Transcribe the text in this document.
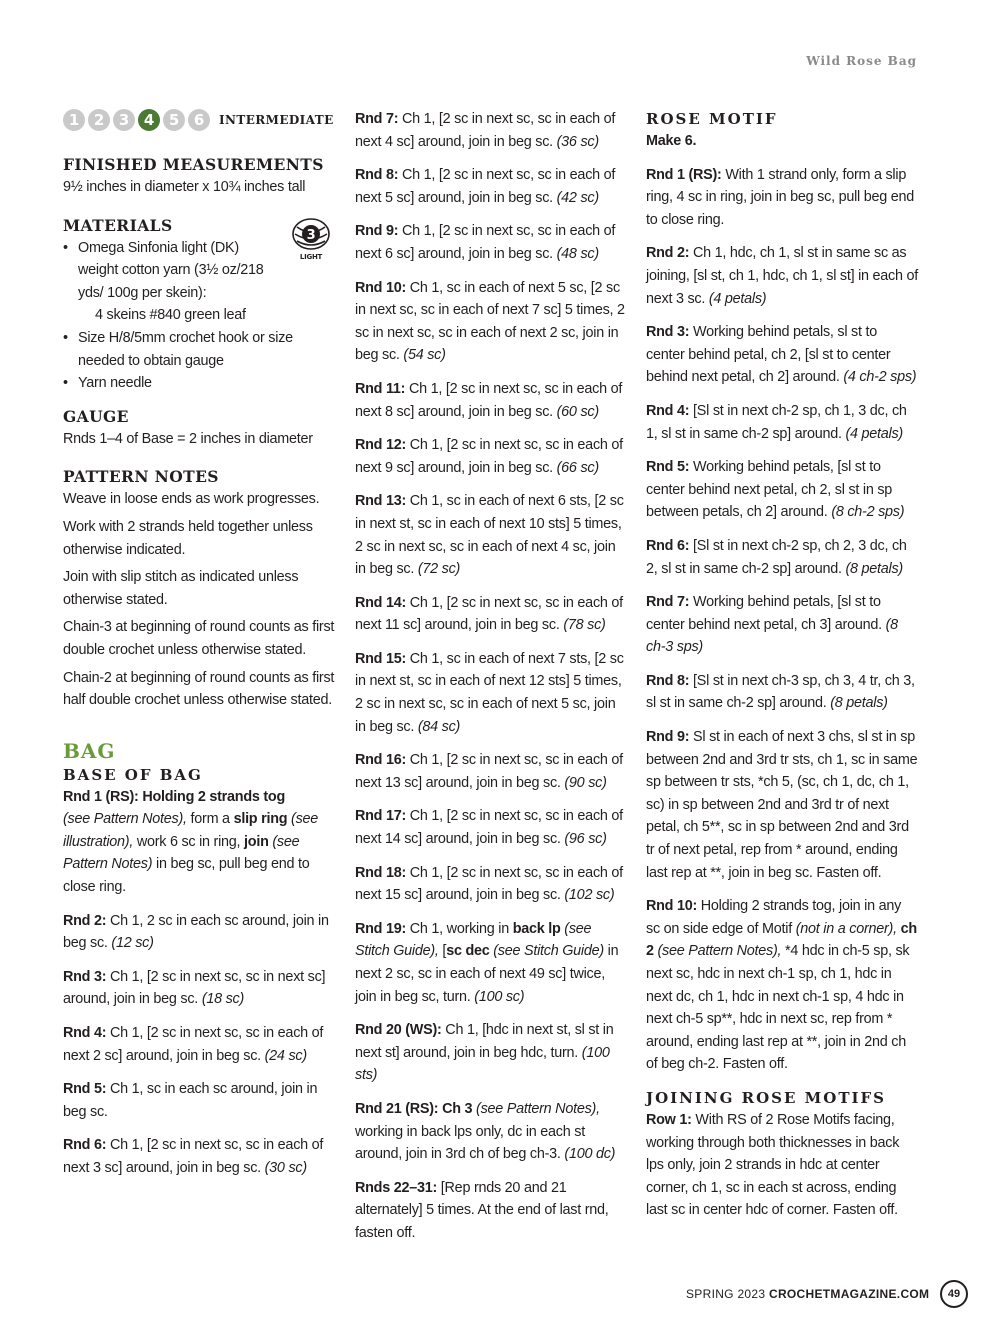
Wild Rose Bag
1 2 3 4 5 6	INTERMEDIATE
FINISHED MEASUREMENTS

9½ inches in diameter x 10¾ inches tall

MATERIALS
3
LIGHT
• Omega Sinfonia light (DK) weight cotton yarn (3½ oz/218 yds/ 100g per skein):
4 skeins #840 green leaf
• Size H/8/5mm crochet hook or size needed to obtain gauge
• Yarn needle
GAUGE

Rnds 1–4 of Base = 2 inches in diameter

PATTERN NOTES

Weave in loose ends as work progresses.

Work with 2 strands held together unless otherwise indicated.

Join with slip stitch as indicated unless otherwise stated.

Chain-3 at beginning of round counts as first double crochet unless otherwise stated.

Chain-2 at beginning of round counts as first half double crochet unless otherwise stated.

BAG
BASE OF BAG

Rnd 1 (RS): Holding 2 strands tog
(see Pattern Notes), form a slip ring (see illustration), work 6 sc in ring, join (see Pattern Notes) in beg sc, pull beg end to close ring.

Rnd 2: Ch 1, 2 sc in each sc around, join in beg sc. (12 sc)

Rnd 3: Ch 1, [2 sc in next sc, sc in next sc] around, join in beg sc. (18 sc)

Rnd 4: Ch 1, [2 sc in next sc, sc in each of next 2 sc] around, join in beg sc. (24 sc)

Rnd 5: Ch 1, sc in each sc around, join in beg sc.

Rnd 6: Ch 1, [2 sc in next sc, sc in each of next 3 sc] around, join in beg sc. (30 sc)

Rnd 7: Ch 1, [2 sc in next sc, sc in each of next 4 sc] around, join in beg sc. (36 sc)

Rnd 8: Ch 1, [2 sc in next sc, sc in each of next 5 sc] around, join in beg sc. (42 sc)

Rnd 9: Ch 1, [2 sc in next sc, sc in each of next 6 sc] around, join in beg sc. (48 sc)

Rnd 10: Ch 1, sc in each of next 5 sc, [2 sc in next sc, sc in each of next 7 sc] 5 times, 2 sc in next sc, sc in each of next 2 sc, join in beg sc. (54 sc)

Rnd 11: Ch 1, [2 sc in next sc, sc in each of next 8 sc] around, join in beg sc. (60 sc)

Rnd 12: Ch 1, [2 sc in next sc, sc in each of next 9 sc] around, join in beg sc. (66 sc)

Rnd 13: Ch 1, sc in each of next 6 sts, [2 sc in next st, sc in each of next 10 sts] 5 times, 2 sc in next sc, sc in each of next 4 sc, join in beg sc. (72 sc)

Rnd 14: Ch 1, [2 sc in next sc, sc in each of next 11 sc] around, join in beg sc. (78 sc)

Rnd 15: Ch 1, sc in each of next 7 sts, [2 sc in next st, sc in each of next 12 sts] 5 times, 2 sc in next sc, sc in each of next 5 sc, join in beg sc. (84 sc)

Rnd 16: Ch 1, [2 sc in next sc, sc in each of next 13 sc] around, join in beg sc. (90 sc)

Rnd 17: Ch 1, [2 sc in next sc, sc in each of next 14 sc] around, join in beg sc. (96 sc)

Rnd 18: Ch 1, [2 sc in next sc, sc in each of next 15 sc] around, join in beg sc. (102 sc)

Rnd 19: Ch 1, working in back lp (see Stitch Guide), [sc dec (see Stitch Guide) in next 2 sc, sc in each of next 49 sc] twice, join in beg sc, turn. (100 sc)

Rnd 20 (WS): Ch 1, [hdc in next st, sl st in next st] around, join in beg hdc, turn. (100 sts)

Rnd 21 (RS): Ch 3 (see Pattern Notes), working in back lps only, dc in each st around, join in 3rd ch of beg ch-3. (100 dc)

Rnds 22–31: [Rep rnds 20 and 21 alternately] 5 times. At the end of last rnd, fasten off.

ROSE MOTIF

Make 6.

Rnd 1 (RS): With 1 strand only, form a slip ring, 4 sc in ring, join in beg sc, pull beg end to close ring.

Rnd 2: Ch 1, hdc, ch 1, sl st in same sc as joining, [sl st, ch 1, hdc, ch 1, sl st] in each of next 3 sc. (4 petals)

Rnd 3: Working behind petals, sl st to center behind petal, ch 2, [sl st to center behind next petal, ch 2] around. (4 ch-2 sps)

Rnd 4: [Sl st in next ch-2 sp, ch 1, 3 dc, ch 1, sl st in same ch-2 sp] around. (4 petals)

Rnd 5: Working behind petals, [sl st to center behind next petal, ch 2, sl st in sp between petals, ch 2] around. (8 ch-2 sps)

Rnd 6: [Sl st in next ch-2 sp, ch 2, 3 dc, ch 2, sl st in same ch-2 sp] around. (8 petals)

Rnd 7: Working behind petals, [sl st to center behind next petal, ch 3] around. (8 ch-3 sps)

Rnd 8: [Sl st in next ch-3 sp, ch 3, 4 tr, ch 3, sl st in same ch-2 sp] around. (8 petals)

Rnd 9: Sl st in each of next 3 chs, sl st in sp between 2nd and 3rd tr sts, ch 1, sc in same sp between tr sts, *ch 5, (sc, ch 1, dc, ch 1, sc) in sp between 2nd and 3rd tr of next petal, ch 5**, sc in sp between 2nd and 3rd tr of next petal, rep from * around, ending last rep at **, join in beg sc. Fasten off.

Rnd 10: Holding 2 strands tog, join in any sc on side edge of Motif (not in a corner), ch 2 (see Pattern Notes), *4 hdc in ch-5 sp, sk next sc, hdc in next ch-1 sp, ch 1, hdc in next dc, ch 1, hdc in next ch-1 sp, 4 hdc in next ch-5 sp**, hdc in next sc, rep from * around, ending last rep at **, join in 2nd ch of beg ch-2. Fasten off.

JOINING ROSE MOTIFS

Row 1: With RS of 2 Rose Motifs facing, working through both thicknesses in back lps only, join 2 strands in hdc at center corner, ch 1, sc in each st across, ending last sc in center hdc of corner. Fasten off.

SPRING 2023 CROCHETMAGAZINE.COM	49
